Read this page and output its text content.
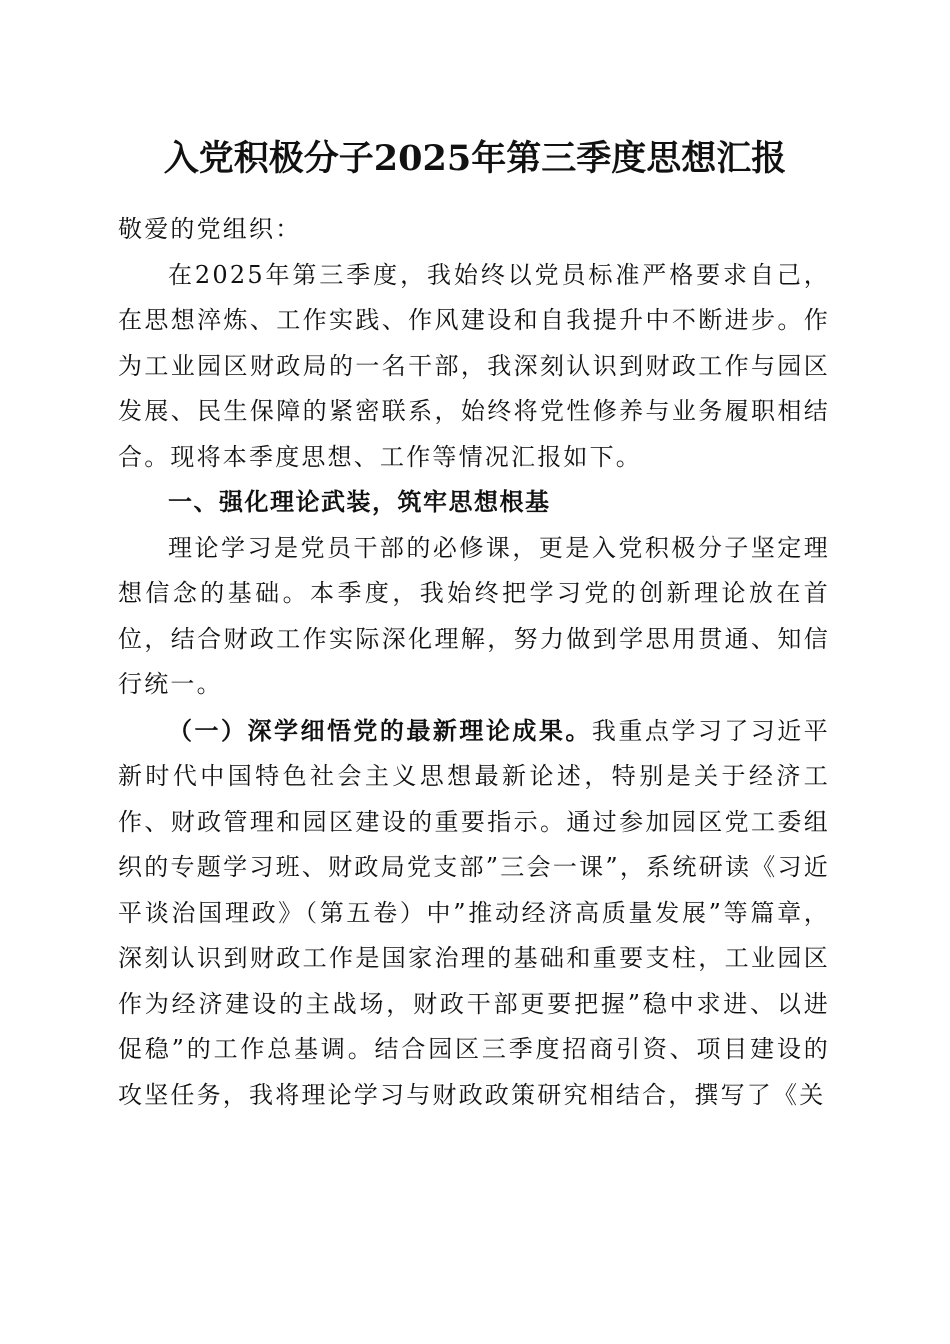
入党积极分子2025年第三季度思想汇报

敬爱的党组织：

在2025年第三季度，我始终以党员标准严格要求自己，在思想淬炼、工作实践、作风建设和自我提升中不断进步。作为工业园区财政局的一名干部，我深刻认识到财政工作与园区发展、民生保障的紧密联系，始终将党性修养与业务履职相结合。现将本季度思想、工作等情况汇报如下。

一、强化理论武装，筑牢思想根基

理论学习是党员干部的必修课，更是入党积极分子坚定理想信念的基础。本季度，我始终把学习党的创新理论放在首位，结合财政工作实际深化理解，努力做到学思用贯通、知信行统一。

（一）深学细悟党的最新理论成果。我重点学习了习近平新时代中国特色社会主义思想最新论述，特别是关于经济工作、财政管理和园区建设的重要指示。通过参加园区党工委组织的专题学习班、财政局党支部”三会一课”，系统研读《习近平谈治国理政》（第五卷）中”推动经济高质量发展”等篇章，深刻认识到财政工作是国家治理的基础和重要支柱，工业园区作为经济建设的主战场，财政干部更要把握”稳中求进、以进促稳”的工作总基调。结合园区三季度招商引资、项目建设的攻坚任务，我将理论学习与财政政策研究相结合，撰写了《关
